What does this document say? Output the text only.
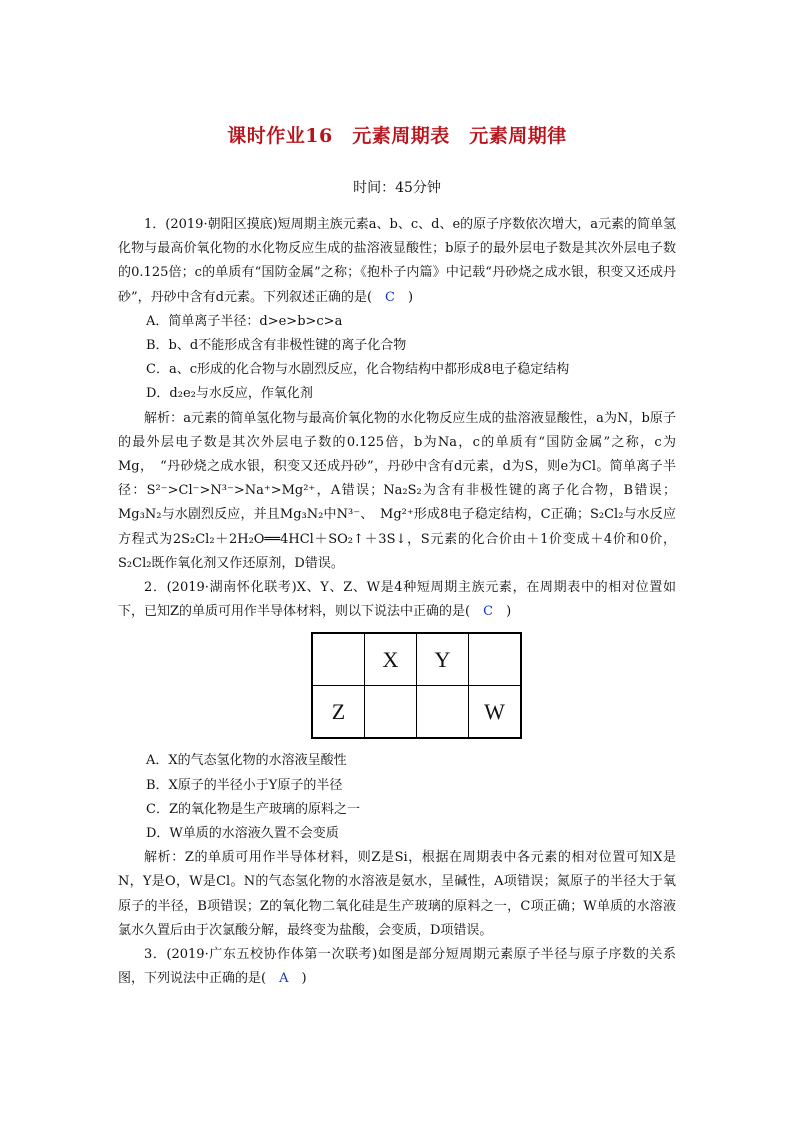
课时作业16　元素周期表　元素周期律
时间：45分钟

1．(2019·朝阳区摸底)短周期主族元素a、b、c、d、e的原子序数依次增大，a元素的简单氢化物与最高价氧化物的水化物反应生成的盐溶液显酸性；b原子的最外层电子数是其次外层电子数的0.125倍；c的单质有“国防金属”之称；《抱朴子内篇》中记载“丹砂烧之成水银，积变又还成丹砂”，丹砂中含有d元素。下列叙述正确的是(　C　)

A．简单离子半径：d>e>b>c>a

B．b、d不能形成含有非极性键的离子化合物

C．a、c形成的化合物与水剧烈反应，化合物结构中都形成8电子稳定结构

D．d₂e₂与水反应，作氧化剂

解析：a元素的简单氢化物与最高价氧化物的水化物反应生成的盐溶液显酸性，a为N，b原子的最外层电子数是其次外层电子数的0.125倍，b为Na，c的单质有“国防金属”之称，c为Mg，　“丹砂烧之成水银，积变又还成丹砂”，丹砂中含有d元素，d为S，则e为Cl。简单离子半径：S²⁻>Cl⁻>N³⁻>Na⁺>Mg²⁺，A错误；Na₂S₂为含有非极性键的离子化合物，B错误；Mg₃N₂与水剧烈反应，并且Mg₃N₂中N³⁻、　Mg²⁺形成8电子稳定结构，C正确；S₂Cl₂与水反应方程式为2S₂Cl₂＋2H₂O══4HCl＋SO₂↑＋3S↓，S元素的化合价由＋1价变成＋4价和0价，S₂Cl₂既作氧化剂又作还原剂，D错误。

2．(2019·湖南怀化联考)X、Y、Z、W是4种短周期主族元素，在周期表中的相对位置如下，已知Z的单质可用作半导体材料，则以下说法中正确的是(　C　)

	X	Y	
Z			W

A．X的气态氢化物的水溶液呈酸性

B．X原子的半径小于Y原子的半径

C．Z的氧化物是生产玻璃的原料之一

D．W单质的水溶液久置不会变质

解析：Z的单质可用作半导体材料，则Z是Si，根据在周期表中各元素的相对位置可知X是N，Y是O，W是Cl。N的气态氢化物的水溶液是氨水，呈碱性，A项错误；氮原子的半径大于氧原子的半径，B项错误；Z的氧化物二氧化硅是生产玻璃的原料之一，C项正确；W单质的水溶液氯水久置后由于次氯酸分解，最终变为盐酸，会变质，D项错误。

3．(2019·广东五校协作体第一次联考)如图是部分短周期元素原子半径与原子序数的关系图，下列说法中正确的是(　A　)
